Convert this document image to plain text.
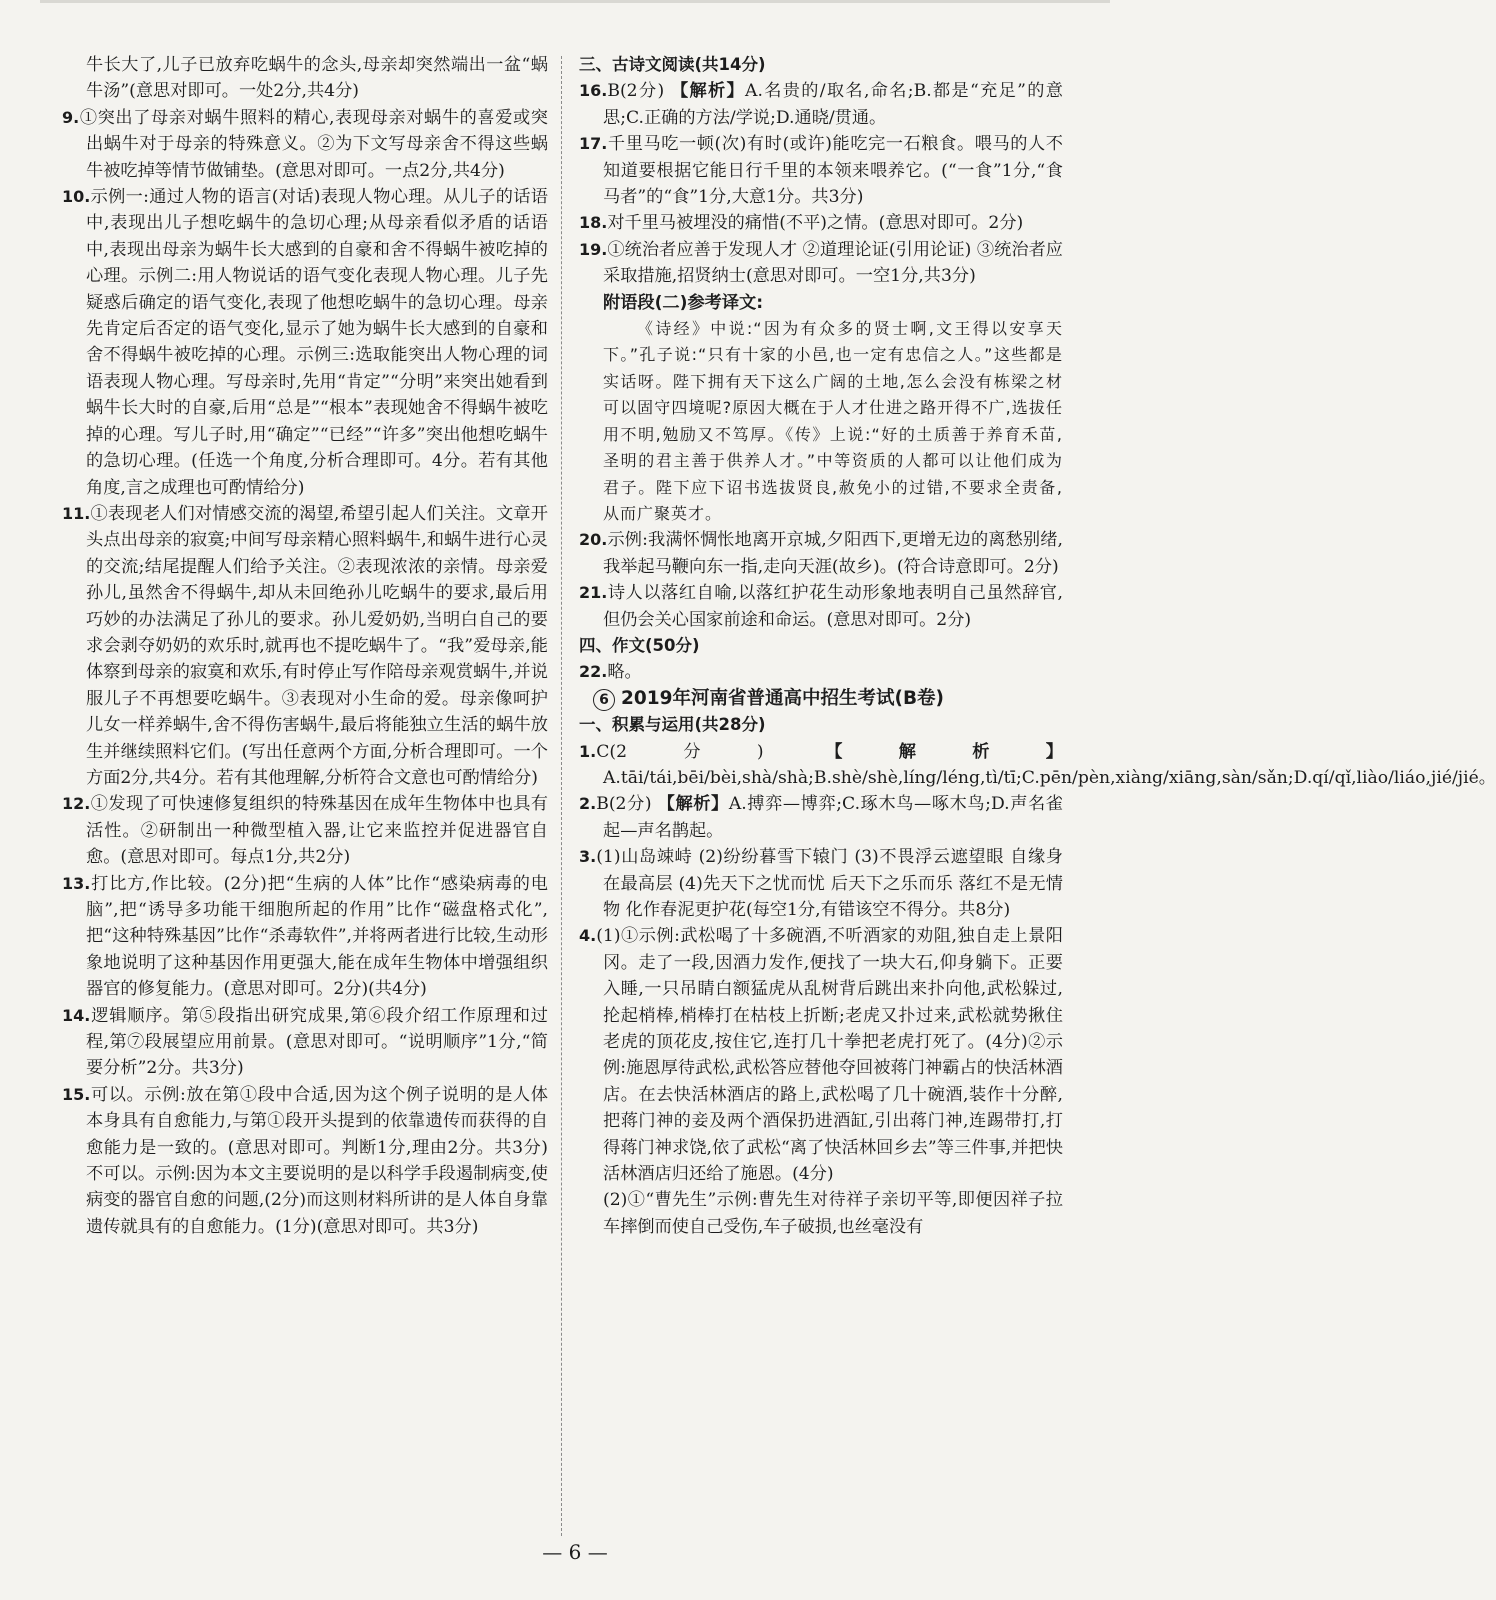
牛长大了,儿子已放弃吃蜗牛的念头,母亲却突然端出一盆“蜗牛汤”(意思对即可。一处2分,共4分)

9.①突出了母亲对蜗牛照料的精心,表现母亲对蜗牛的喜爱或突出蜗牛对于母亲的特殊意义。②为下文写母亲舍不得这些蜗牛被吃掉等情节做铺垫。(意思对即可。一点2分,共4分)

10.示例一:通过人物的语言(对话)表现人物心理。从儿子的话语中,表现出儿子想吃蜗牛的急切心理;从母亲看似矛盾的话语中,表现出母亲为蜗牛长大感到的自豪和舍不得蜗牛被吃掉的心理。示例二:用人物说话的语气变化表现人物心理。儿子先疑惑后确定的语气变化,表现了他想吃蜗牛的急切心理。母亲先肯定后否定的语气变化,显示了她为蜗牛长大感到的自豪和舍不得蜗牛被吃掉的心理。示例三:选取能突出人物心理的词语表现人物心理。写母亲时,先用“肯定”“分明”来突出她看到蜗牛长大时的自豪,后用“总是”“根本”表现她舍不得蜗牛被吃掉的心理。写儿子时,用“确定”“已经”“许多”突出他想吃蜗牛的急切心理。(任选一个角度,分析合理即可。4分。若有其他角度,言之成理也可酌情给分)

11.①表现老人们对情感交流的渴望,希望引起人们关注。文章开头点出母亲的寂寞;中间写母亲精心照料蜗牛,和蜗牛进行心灵的交流;结尾提醒人们给予关注。②表现浓浓的亲情。母亲爱孙儿,虽然舍不得蜗牛,却从未回绝孙儿吃蜗牛的要求,最后用巧妙的办法满足了孙儿的要求。孙儿爱奶奶,当明白自己的要求会剥夺奶奶的欢乐时,就再也不提吃蜗牛了。“我”爱母亲,能体察到母亲的寂寞和欢乐,有时停止写作陪母亲观赏蜗牛,并说服儿子不再想要吃蜗牛。③表现对小生命的爱。母亲像呵护儿女一样养蜗牛,舍不得伤害蜗牛,最后将能独立生活的蜗牛放生并继续照料它们。(写出任意两个方面,分析合理即可。一个方面2分,共4分。若有其他理解,分析符合文意也可酌情给分)

12.①发现了可快速修复组织的特殊基因在成年生物体中也具有活性。②研制出一种微型植入器,让它来监控并促进器官自愈。(意思对即可。每点1分,共2分)

13.打比方,作比较。(2分)把“生病的人体”比作“感染病毒的电脑”,把“诱导多功能干细胞所起的作用”比作“磁盘格式化”,把“这种特殊基因”比作“杀毒软件”,并将两者进行比较,生动形象地说明了这种基因作用更强大,能在成年生物体中增强组织器官的修复能力。(意思对即可。2分)(共4分)

14.逻辑顺序。第⑤段指出研究成果,第⑥段介绍工作原理和过程,第⑦段展望应用前景。(意思对即可。“说明顺序”1分,“简要分析”2分。共3分)

15.可以。示例:放在第①段中合适,因为这个例子说明的是人体本身具有自愈能力,与第①段开头提到的依靠遗传而获得的自愈能力是一致的。(意思对即可。判断1分,理由2分。共3分)不可以。示例:因为本文主要说明的是以科学手段遏制病变,使病变的器官自愈的问题,(2分)而这则材料所讲的是人体自身靠遗传就具有的自愈能力。(1分)(意思对即可。共3分)

三、古诗文阅读(共14分)

16.B(2分) 【解析】A.名贵的/取名,命名;B.都是“充足”的意思;C.正确的方法/学说;D.通晓/贯通。

17.千里马吃一顿(次)有时(或许)能吃完一石粮食。喂马的人不知道要根据它能日行千里的本领来喂养它。(“一食”1分,“食马者”的“食”1分,大意1分。共3分)

18.对千里马被埋没的痛惜(不平)之情。(意思对即可。2分)

19.①统治者应善于发现人才 ②道理论证(引用论证) ③统治者应采取措施,招贤纳士(意思对即可。一空1分,共3分)

附语段(二)参考译文:

《诗经》中说:“因为有众多的贤士啊,文王得以安享天下。”孔子说:“只有十家的小邑,也一定有忠信之人。”这些都是实话呀。陛下拥有天下这么广阔的土地,怎么会没有栋梁之材可以固守四境呢?原因大概在于人才仕进之路开得不广,选拔任用不明,勉励又不笃厚。《传》上说:“好的土质善于养育禾苗,圣明的君主善于供养人才。”中等资质的人都可以让他们成为君子。陛下应下诏书选拔贤良,赦免小的过错,不要求全责备,从而广聚英才。

20.示例:我满怀惆怅地离开京城,夕阳西下,更增无边的离愁别绪,我举起马鞭向东一指,走向天涯(故乡)。(符合诗意即可。2分)

21.诗人以落红自喻,以落红护花生动形象地表明自己虽然辞官,但仍会关心国家前途和命运。(意思对即可。2分)

四、作文(50分)

22.略。

6 2019年河南省普通高中招生考试(B卷)

一、积累与运用(共28分)

1.C(2分) 【解析】A.tāi/tái,bēi/bèi,shà/shà;B.shè/shè,líng/léng,tì/tī;C.pēn/pèn,xiàng/xiāng,sàn/sǎn;D.qí/qǐ,liào/liáo,jié/jié。

2.B(2分) 【解析】A.搏弈—博弈;C.琢木鸟—啄木鸟;D.声名雀起—声名鹊起。

3.(1)山岛竦峙 (2)纷纷暮雪下辕门 (3)不畏浮云遮望眼 自缘身在最高层 (4)先天下之忧而忧 后天下之乐而乐 落红不是无情物 化作春泥更护花(每空1分,有错该空不得分。共8分)

4.(1)①示例:武松喝了十多碗酒,不听酒家的劝阻,独自走上景阳冈。走了一段,因酒力发作,便找了一块大石,仰身躺下。正要入睡,一只吊睛白额猛虎从乱树背后跳出来扑向他,武松躲过,抡起梢棒,梢棒打在枯枝上折断;老虎又扑过来,武松就势揪住老虎的顶花皮,按住它,连打几十拳把老虎打死了。(4分)②示例:施恩厚待武松,武松答应替他夺回被蒋门神霸占的快活林酒店。在去快活林酒店的路上,武松喝了几十碗酒,装作十分醉,把蒋门神的妾及两个酒保扔进酒缸,引出蒋门神,连踢带打,打得蒋门神求饶,依了武松“离了快活林回乡去”等三件事,并把快活林酒店归还给了施恩。(4分)

(2)①“曹先生”示例:曹先生对待祥子亲切平等,即便因祥子拉车摔倒而使自己受伤,车子破损,也丝毫没有

— 6 —
